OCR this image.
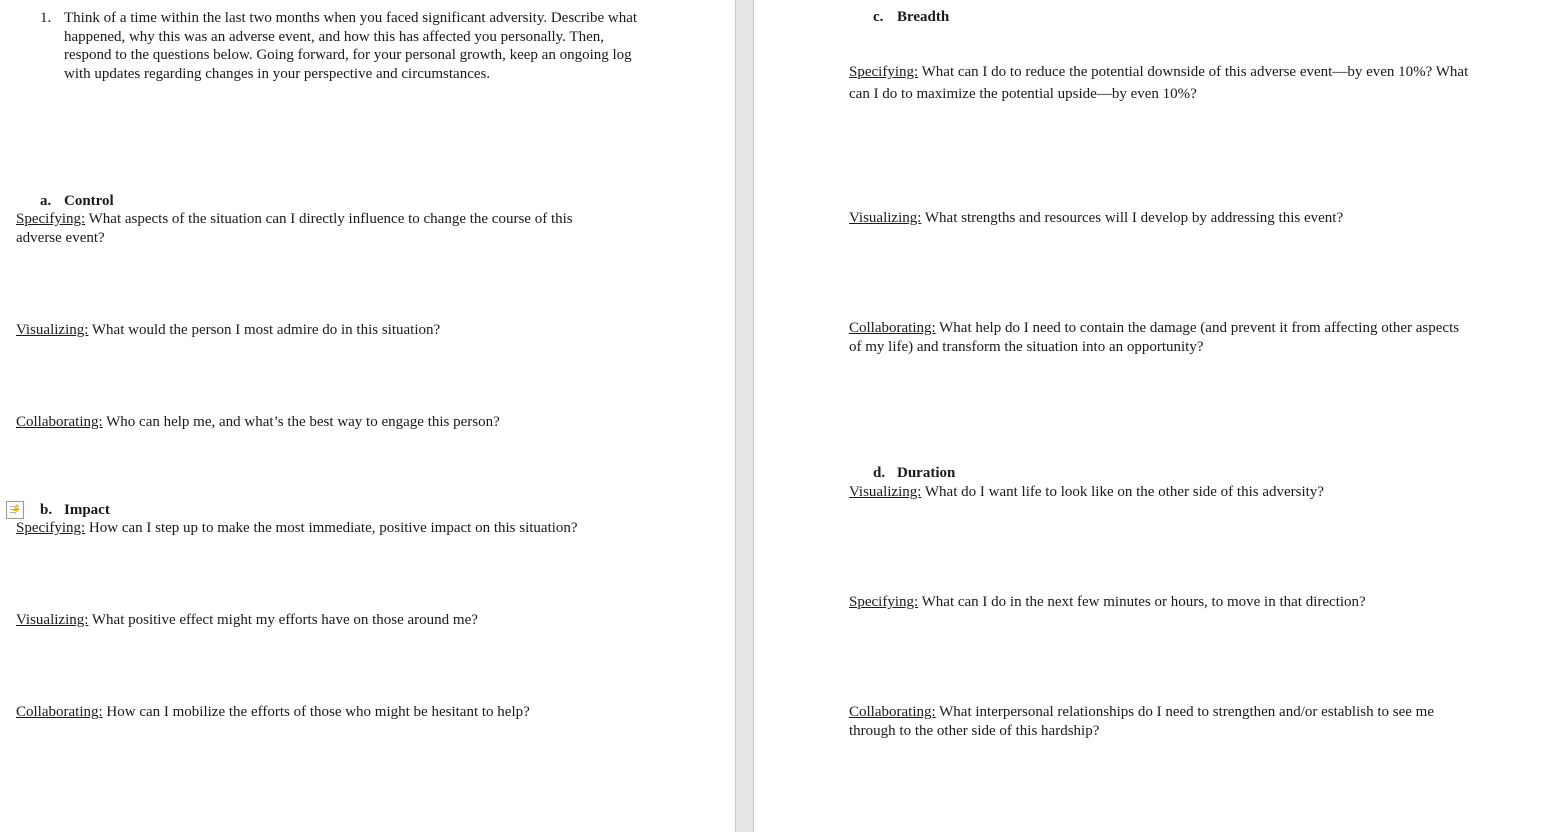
1. Think of a time within the last two months when you faced significant adversity. Describe what happened, why this was an adverse event, and how this has affected you personally. Then, respond to the questions below. Going forward, for your personal growth, keep an ongoing log with updates regarding changes in your perspective and circumstances.
a. Control
Specifying: What aspects of the situation can I directly influence to change the course of this adverse event?
Visualizing: What would the person I most admire do in this situation?
Collaborating: Who can help me, and what’s the best way to engage this person?
b. Impact
Specifying: How can I step up to make the most immediate, positive impact on this situation?
Visualizing: What positive effect might my efforts have on those around me?
Collaborating: How can I mobilize the efforts of those who might be hesitant to help?
c. Breadth
Specifying: What can I do to reduce the potential downside of this adverse event—by even 10%? What can I do to maximize the potential upside—by even 10%?
Visualizing: What strengths and resources will I develop by addressing this event?
Collaborating: What help do I need to contain the damage (and prevent it from affecting other aspects of my life) and transform the situation into an opportunity?
d. Duration
Visualizing: What do I want life to look like on the other side of this adversity?
Specifying: What can I do in the next few minutes or hours, to move in that direction?
Collaborating: What interpersonal relationships do I need to strengthen and/or establish to see me through to the other side of this hardship?
